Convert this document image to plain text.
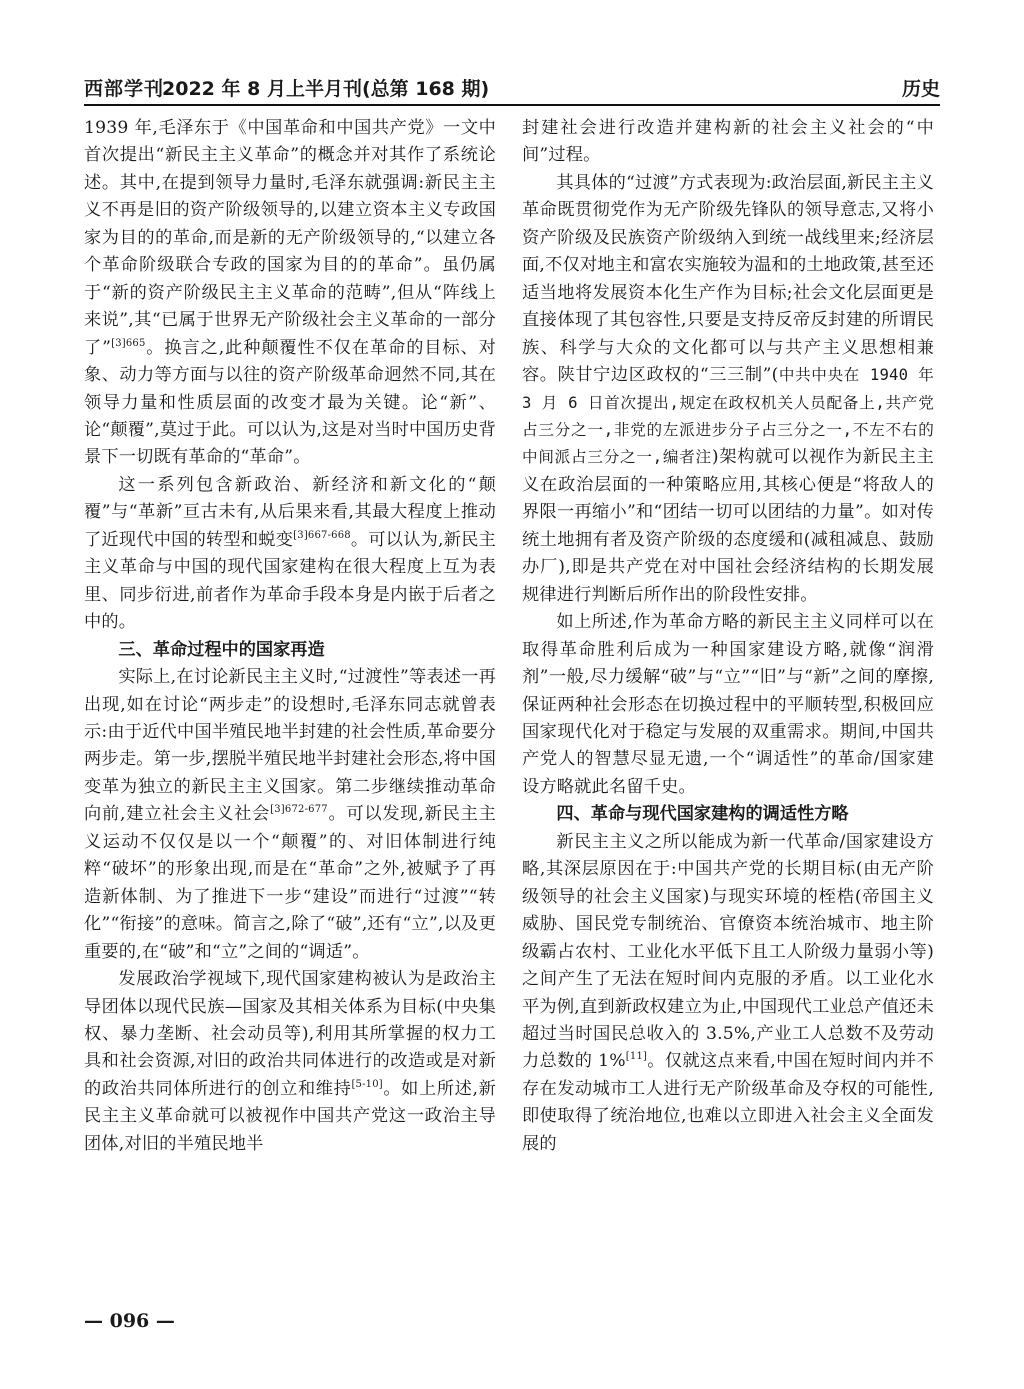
西部学刊
2022 年 8 月上半月刊(总第 168 期)	历史

1939 年,毛泽东于《中国革命和中国共产党》一文中首次提出“新民主主义革命”的概念并对其作了系统论述。其中,在提到领导力量时,毛泽东就强调:新民主主义不再是旧的资产阶级领导的,以建立资本主义专政国家为目的的革命,而是新的无产阶级领导的,“以建立各个革命阶级联合专政的国家为目的的革命”。虽仍属于“新的资产阶级民主主义革命的范畴”,但从“阵线上来说”,其“已属于世界无产阶级社会主义革命的一部分了”$^{[3]665}$。换言之,此种颠覆性不仅在革命的目标、对象、动力等方面与以往的资产阶级革命迥然不同,其在领导力量和性质层面的改变才最为关键。论“新”、论“颠覆”,莫过于此。可以认为,这是对当时中国历史背景下一切既有革命的“革命”。

这一系列包含新政治、新经济和新文化的“颠覆”与“革新”亘古未有,从后果来看,其最大程度上推动了近现代中国的转型和蜕变$^{[3]667-668}$。可以认为,新民主主义革命与中国的现代国家建构在很大程度上互为表里、同步衍进,前者作为革命手段本身是内嵌于后者之中的。

三、革命过程中的国家再造

实际上,在讨论新民主主义时,“过渡性”等表述一再出现,如在讨论“两步走”的设想时,毛泽东同志就曾表示:由于近代中国半殖民地半封建的社会性质,革命要分两步走。第一步,摆脱半殖民地半封建社会形态,将中国变革为独立的新民主主义国家。第二步继续推动革命向前,建立社会主义社会$^{[3]672-677}$。可以发现,新民主主义运动不仅仅是以一个“颠覆”的、对旧体制进行纯粹“破坏”的形象出现,而是在“革命”之外,被赋予了再造新体制、为了推进下一步“建设”而进行“过渡”“转化”“衔接”的意味。简言之,除了“破”,还有“立”,以及更重要的,在“破”和“立”之间的“调适”。

发展政治学视域下,现代国家建构被认为是政治主导团体以现代民族—国家及其相关体系为目标(中央集权、暴力垄断、社会动员等),利用其所掌握的权力工具和社会资源,对旧的政治共同体进行的改造或是对新的政治共同体所进行的创立和维持[5-10]。如上所述,新民主主义革命就可以被视作中国共产党这一政治主导团体,对旧的半殖民地半

封建社会进行改造并建构新的社会主义社会的“中间”过程。

其具体的“过渡”方式表现为:政治层面,新民主主义革命既贯彻党作为无产阶级先锋队的领导意志,又将小资产阶级及民族资产阶级纳入到统一战线里来;经济层面,不仅对地主和富农实施较为温和的土地政策,甚至还适当地将发展资本化生产作为目标;社会文化层面更是直接体现了其包容性,只要是支持反帝反封建的所谓民族、科学与大众的文化都可以与共产主义思想相兼容。陕甘宁边区政权的“三三制”(中共中央在 1940 年 3 月 6 日首次提出,规定在政权机关人员配备上,共产党占三分之一,非党的左派进步分子占三分之一,不左不右的中间派占三分之一,编者注)架构就可以视作为新民主主义在政治层面的一种策略应用,其核心便是“将敌人的界限一再缩小”和“团结一切可以团结的力量”。如对传统土地拥有者及资产阶级的态度缓和(减租减息、鼓励办厂),即是共产党在对中国社会经济结构的长期发展规律进行判断后所作出的阶段性安排。

如上所述,作为革命方略的新民主主义同样可以在取得革命胜利后成为一种国家建设方略,就像“润滑剂”一般,尽力缓解“破”与“立”“旧”与“新”之间的摩擦,保证两种社会形态在切换过程中的平顺转型,积极回应国家现代化对于稳定与发展的双重需求。期间,中国共产党人的智慧尽显无遗,一个“调适性”的革命/国家建设方略就此名留千史。

四、革命与现代国家建构的调适性方略

新民主主义之所以能成为新一代革命/国家建设方略,其深层原因在于:中国共产党的长期目标(由无产阶级领导的社会主义国家)与现实环境的桎梏(帝国主义威胁、国民党专制统治、官僚资本统治城市、地主阶级霸占农村、工业化水平低下且工人阶级力量弱小等)之间产生了无法在短时间内克服的矛盾。以工业化水平为例,直到新政权建立为止,中国现代工业总产值还未超过当时国民总收入的 3.5%,产业工人总数不及劳动力总数的 1%[11]。仅就这点来看,中国在短时间内并不存在发动城市工人进行无产阶级革命及夺权的可能性,即使取得了统治地位,也难以立即进入社会主义全面发展的

— 096 —
